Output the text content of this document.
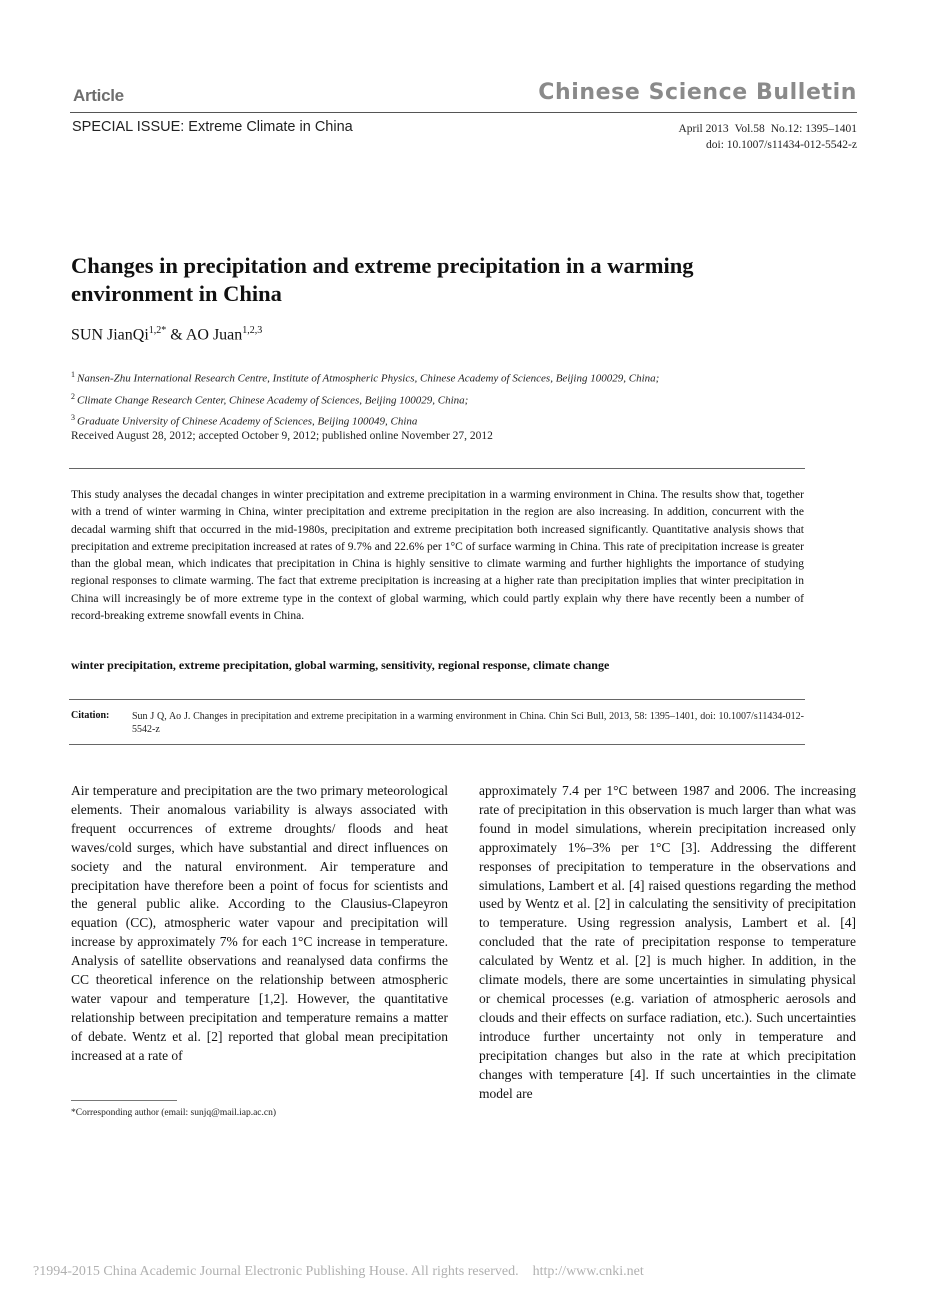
Article	Chinese Science Bulletin
SPECIAL ISSUE: Extreme Climate in China	April 2013 Vol.58 No.12: 1395–1401
doi: 10.1007/s11434-012-5542-z
Changes in precipitation and extreme precipitation in a warming
environment in China
SUN JianQi$^{1,2*}$ & AO Juan$^{1,2,3}$
$^1$ Nansen-Zhu International Research Centre, Institute of Atmospheric Physics, Chinese Academy of Sciences, Beijing 100029, China;
$^2$ Climate Change Research Center, Chinese Academy of Sciences, Beijing 100029, China;
$^3$ Graduate University of Chinese Academy of Sciences, Beijing 100049, China
Received August 28, 2012; accepted October 9, 2012; published online November 27, 2012
This study analyses the decadal changes in winter precipitation and extreme precipitation in a warming environment in China. The results show that, together with a trend of winter warming in China, winter precipitation and extreme precipitation in the region are also increasing. In addition, concurrent with the decadal warming shift that occurred in the mid-1980s, precipitation and extreme precipitation both increased significantly. Quantitative analysis shows that precipitation and extreme precipitation increased at rates of 9.7% and 22.6% per 1°C of surface warming in China. This rate of precipitation increase is greater than the global mean, which indicates that precipitation in China is highly sensitive to climate warming and further highlights the importance of studying regional responses to climate warming. The fact that extreme precipitation is increasing at a higher rate than precipitation implies that winter precipitation in China will increasingly be of more extreme type in the context of global warming, which could partly explain why there have recently been a number of record-breaking extreme snowfall events in China.
winter precipitation, extreme precipitation, global warming, sensitivity, regional response, climate change
Citation: Sun J Q, Ao J. Changes in precipitation and extreme precipitation in a warming environment in China. Chin Sci Bull, 2013, 58: 1395–1401, doi: 10.1007/s11434-012-5542-z
Air temperature and precipitation are the two primary meteorological elements. Their anomalous variability is always associated with frequent occurrences of extreme droughts/ floods and heat waves/cold surges, which have substantial and direct influences on society and the natural environment. Air temperature and precipitation have therefore been a point of focus for scientists and the general public alike. According to the Clausius-Clapeyron equation (CC), atmospheric water vapour and precipitation will increase by approximately 7% for each 1°C increase in temperature. Analysis of satellite observations and reanalysed data confirms the CC theoretical inference on the relationship between atmospheric water vapour and temperature [1,2]. However, the quantitative relationship between precipitation and temperature remains a matter of debate. Wentz et al. [2] reported that global mean precipitation increased at a rate of
approximately 7.4 per 1°C between 1987 and 2006. The increasing rate of precipitation in this observation is much larger than what was found in model simulations, wherein precipitation increased only approximately 1%–3% per 1°C [3]. Addressing the different responses of precipitation to temperature in the observations and simulations, Lambert et al. [4] raised questions regarding the method used by Wentz et al. [2] in calculating the sensitivity of precipitation to temperature. Using regression analysis, Lambert et al. [4] concluded that the rate of precipitation response to temperature calculated by Wentz et al. [2] is much higher. In addition, in the climate models, there are some uncertainties in simulating physical or chemical processes (e.g. variation of atmospheric aerosols and clouds and their effects on surface radiation, etc.). Such uncertainties introduce further uncertainty not only in temperature and precipitation changes but also in the rate at which precipitation changes with temperature [4]. If such uncertainties in the climate model are
*Corresponding author (email: sunjq@mail.iap.ac.cn)
?1994-2015 China Academic Journal Electronic Publishing House. All rights reserved. http://www.cnki.net
